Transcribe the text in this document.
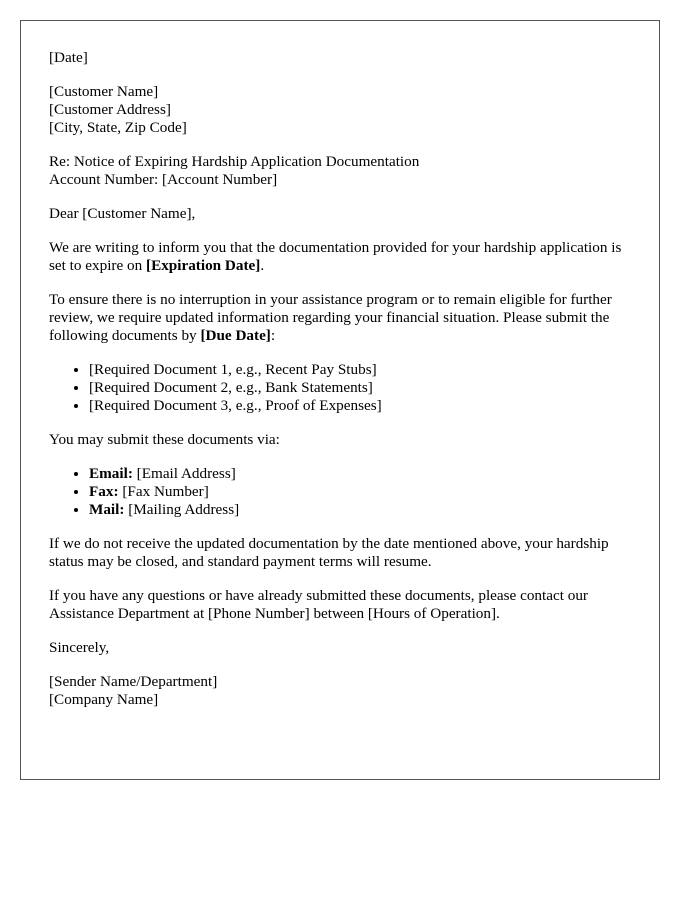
[Date]

[Customer Name]
[Customer Address]
[City, State, Zip Code]

Re: Notice of Expiring Hardship Application Documentation
Account Number: [Account Number]

Dear [Customer Name],

We are writing to inform you that the documentation provided for your hardship application is set to expire on [Expiration Date].

To ensure there is no interruption in your assistance program or to remain eligible for further review, we require updated information regarding your financial situation. Please submit the following documents by [Due Date]:

• [Required Document 1, e.g., Recent Pay Stubs]
• [Required Document 2, e.g., Bank Statements]
• [Required Document 3, e.g., Proof of Expenses]

You may submit these documents via:

• Email: [Email Address]
• Fax: [Fax Number]
• Mail: [Mailing Address]

If we do not receive the updated documentation by the date mentioned above, your hardship status may be closed, and standard payment terms will resume.

If you have any questions or have already submitted these documents, please contact our Assistance Department at [Phone Number] between [Hours of Operation].

Sincerely,

[Sender Name/Department]
[Company Name]
